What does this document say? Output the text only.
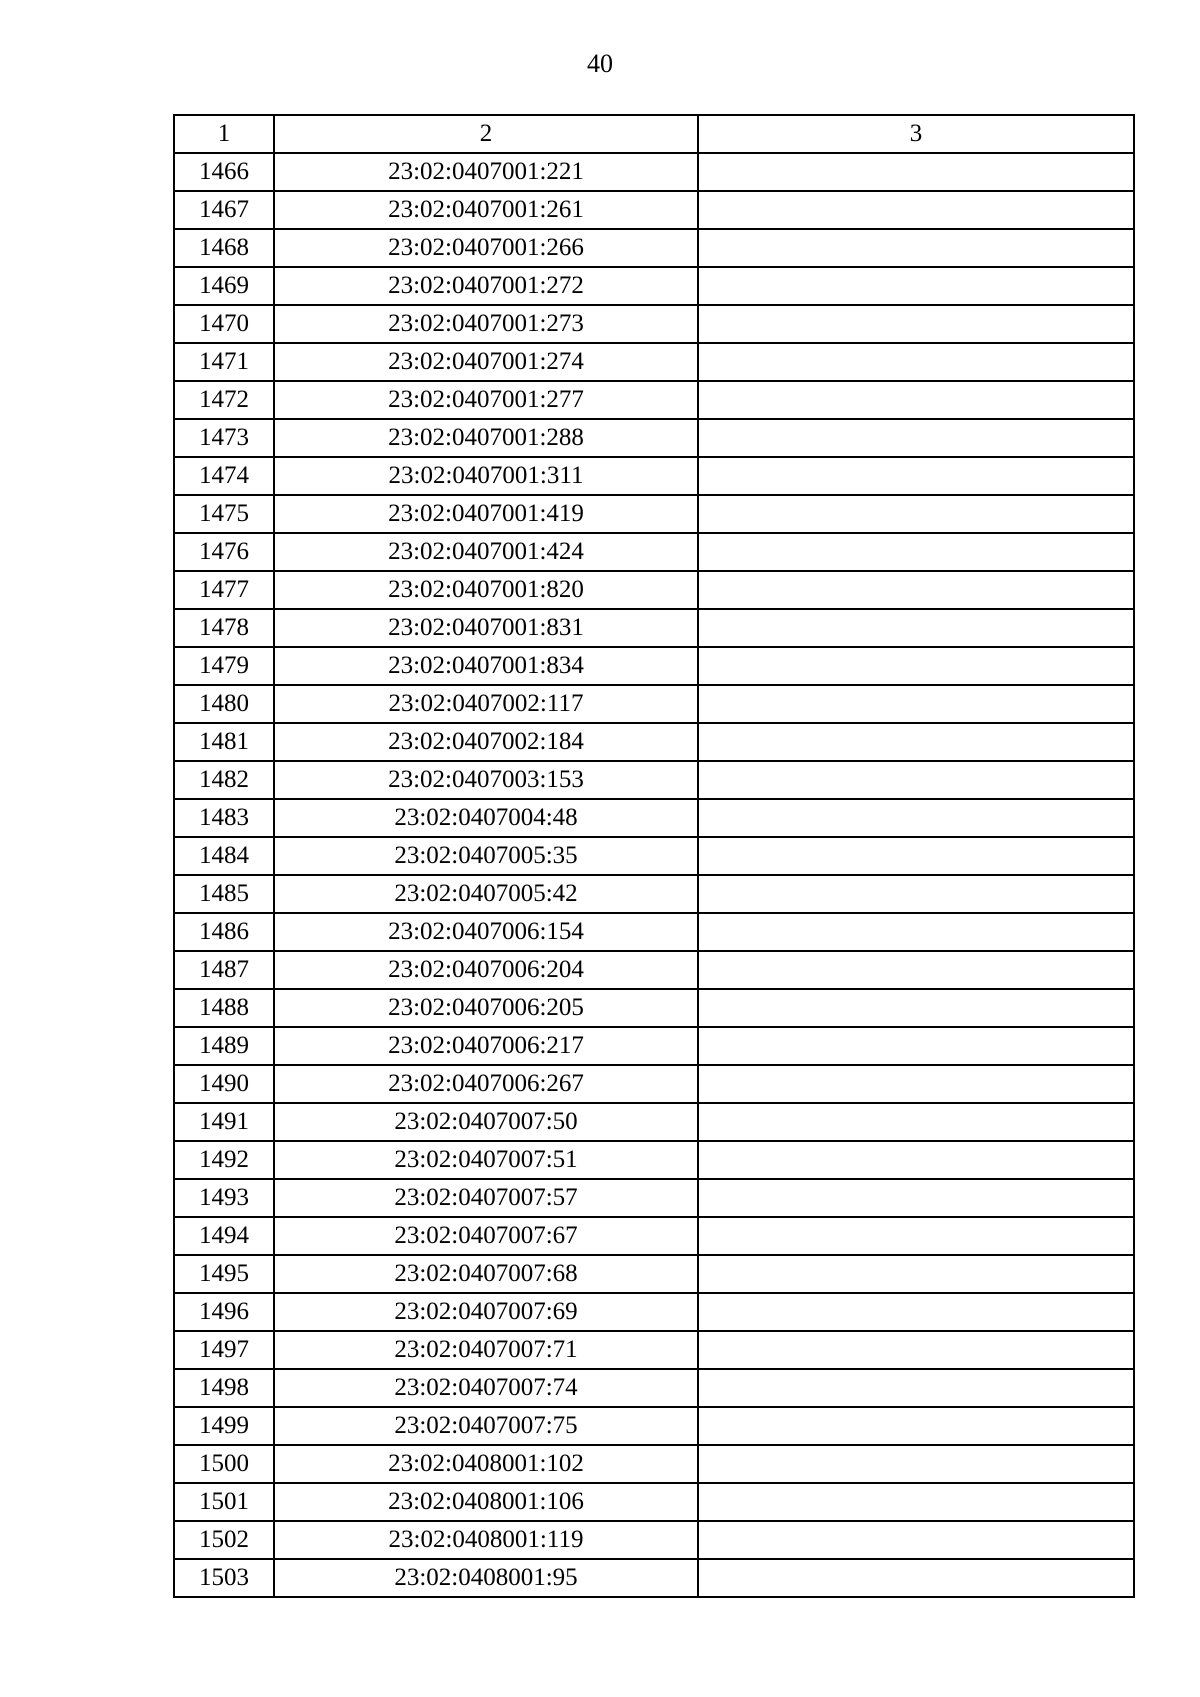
40
1	2	3
1466	23:02:0407001:221	
1467	23:02:0407001:261	
1468	23:02:0407001:266	
1469	23:02:0407001:272	
1470	23:02:0407001:273	
1471	23:02:0407001:274	
1472	23:02:0407001:277	
1473	23:02:0407001:288	
1474	23:02:0407001:311	
1475	23:02:0407001:419	
1476	23:02:0407001:424	
1477	23:02:0407001:820	
1478	23:02:0407001:831	
1479	23:02:0407001:834	
1480	23:02:0407002:117	
1481	23:02:0407002:184	
1482	23:02:0407003:153	
1483	23:02:0407004:48	
1484	23:02:0407005:35	
1485	23:02:0407005:42	
1486	23:02:0407006:154	
1487	23:02:0407006:204	
1488	23:02:0407006:205	
1489	23:02:0407006:217	
1490	23:02:0407006:267	
1491	23:02:0407007:50	
1492	23:02:0407007:51	
1493	23:02:0407007:57	
1494	23:02:0407007:67	
1495	23:02:0407007:68	
1496	23:02:0407007:69	
1497	23:02:0407007:71	
1498	23:02:0407007:74	
1499	23:02:0407007:75	
1500	23:02:0408001:102	
1501	23:02:0408001:106	
1502	23:02:0408001:119	
1503	23:02:0408001:95	
